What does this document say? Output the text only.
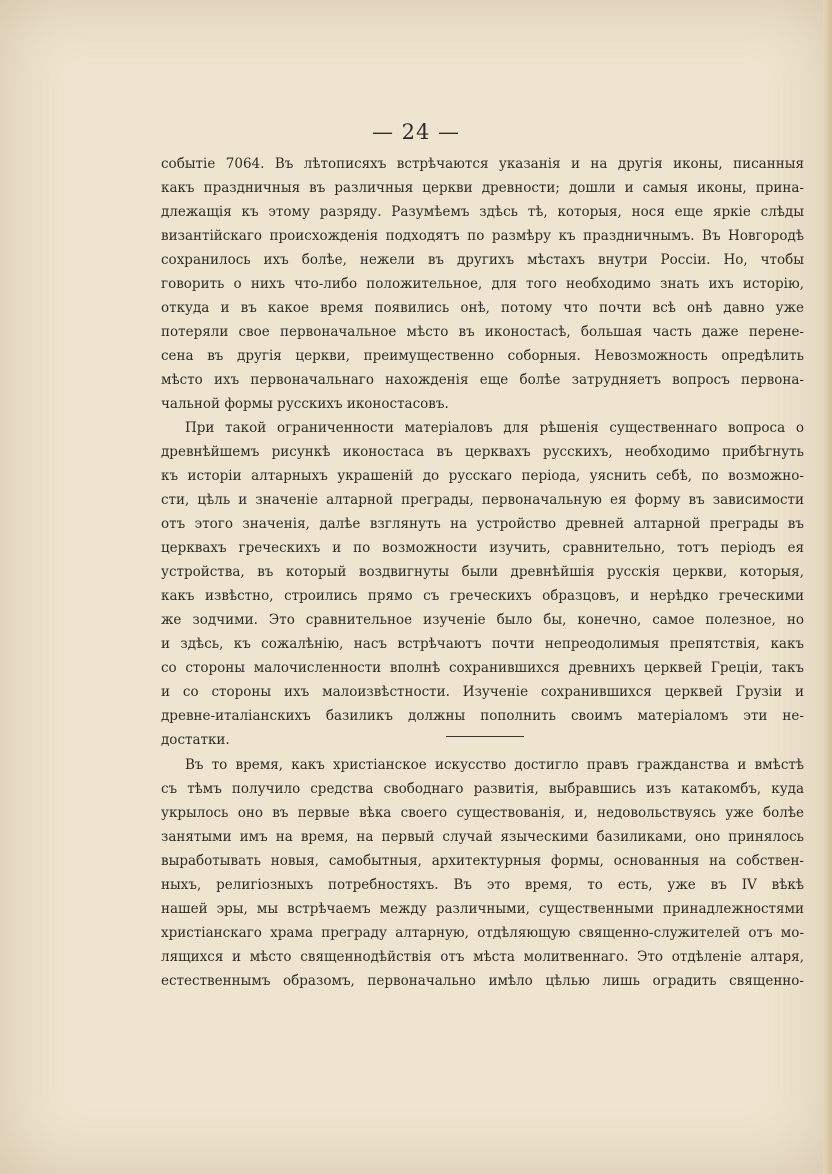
— 24 —

событіе 7064. Въ лѣтописяхъ встрѣчаются указанія и на другія иконы, писанныя
какъ праздничныя въ различныя церкви древности; дошли и самыя иконы, прина-
длежащія къ этому разряду. Разумѣемъ здѣсь тѣ, которыя, нося еще яркіе слѣды
византійскаго происхожденія подходятъ по размѣру къ праздничнымъ. Въ Новгородѣ
сохранилось ихъ болѣе, нежели въ другихъ мѣстахъ внутри Россіи. Но, чтобы
говорить о нихъ что-либо положительное, для того необходимо знать ихъ исторію,
откуда и въ какое время появились онѣ, потому что почти всѣ онѣ давно уже
потеряли свое первоначальное мѣсто въ иконостасѣ, большая часть даже перене-
сена въ другія церкви, преимущественно соборныя. Невозможность опредѣлить
мѣсто ихъ первоначальнаго нахожденія еще болѣе затрудняетъ вопросъ первона-
чальной формы русскихъ иконостасовъ.
При такой ограниченности матеріаловъ для рѣшенія существеннаго вопроса о
древнѣйшемъ рисункѣ иконостаса въ церквахъ русскихъ, необходимо прибѣгнуть
къ исторіи алтарныхъ украшеній до русскаго періода, уяснить себѣ, по возможно-
сти, цѣль и значеніе алтарной преграды, первоначальную ея форму въ зависимости
отъ этого значенія, далѣе взглянуть на устройство древней алтарной преграды въ
церквахъ греческихъ и по возможности изучить, сравнительно, тотъ періодъ ея
устройства, въ который воздвигнуты были древнѣйшія русскія церкви, которыя,
какъ извѣстно, строились прямо съ греческихъ образцовъ, и нерѣдко греческими
же зодчими. Это сравнительное изученіе было бы, конечно, самое полезное, но
и здѣсь, къ сожалѣнію, насъ встрѣчаютъ почти непреодолимыя препятствія, какъ
со стороны малочисленности вполнѣ сохранившихся древнихъ церквей Греціи, такъ
и со стороны ихъ малоизвѣстности. Изученіе сохранившихся церквей Грузіи и
древне-италіанскихъ базиликъ должны пополнить своимъ матеріаломъ эти не-
достатки.
Въ то время, какъ христіанское искусство достигло правъ гражданства и вмѣстѣ
съ тѣмъ получило средства свободнаго развитія, выбравшись изъ катакомбъ, куда
укрылось оно въ первые вѣка своего существованія, и, недовольствуясь уже болѣе
занятыми имъ на время, на первый случай языческими базиликами, оно принялось
выработывать новыя, самобытныя, архитектурныя формы, основанныя на собствен-
ныхъ, религіозныхъ потребностяхъ. Въ это время, то есть, уже въ IV вѣкѣ
нашей эры, мы встрѣчаемъ между различными, существенными принадлежностями
христіанскаго храма преграду алтарную, отдѣляющую священно-служителей отъ мо-
лящихся и мѣсто священнодѣйствія отъ мѣста молитвеннаго. Это отдѣленіе алтаря,
естественнымъ образомъ, первоначально имѣло цѣлью лишь оградить священно-
